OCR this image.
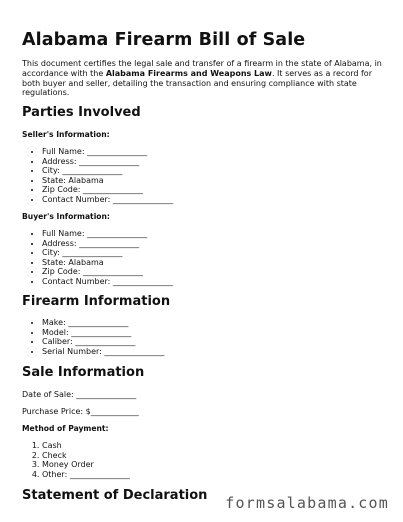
Alabama Firearm Bill of Sale

This document certifies the legal sale and transfer of a firearm in the state of Alabama, in accordance with the Alabama Firearms and Weapons Law. It serves as a record for both buyer and seller, detailing the transaction and ensuring compliance with state regulations.

Parties Involved
Seller's Information:
• Full Name: _______________
• Address: _______________
• City: _______________
• State: Alabama
• Zip Code: _______________
• Contact Number: _______________
Buyer's Information:
• Full Name: _______________
• Address: _______________
• City: _______________
• State: Alabama
• Zip Code: _______________
• Contact Number: _______________
Firearm Information
• Make: _______________
• Model: _______________
• Caliber: _______________
• Serial Number: _______________
Sale Information
Date of Sale: _______________
Purchase Price: $____________
Method of Payment:
1. Cash
2. Check
3. Money Order
4. Other: _______________
Statement of Declaration formsalabama.com
